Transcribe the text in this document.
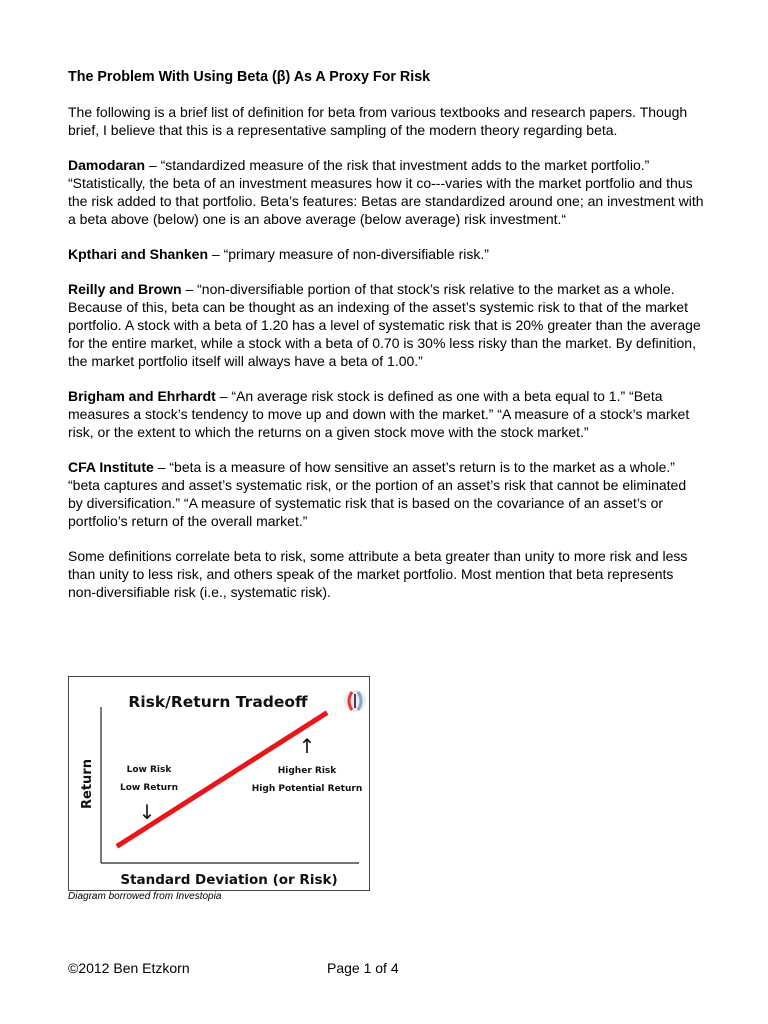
The Problem With Using Beta (β) As A Proxy For Risk

The following is a brief list of definition for beta from various textbooks and research papers. Though brief, I believe that this is a representative sampling of the modern theory regarding beta.

Damodaran – “standardized measure of the risk that investment adds to the market portfolio.” “Statistically, the beta of an investment measures how it co---varies with the market portfolio and thus the risk added to that portfolio. Beta’s features: Betas are standardized around one; an investment with a beta above (below) one is an above average (below average) risk investment.“

Kpthari and Shanken – “primary measure of non-diversifiable risk.”

Reilly and Brown – “non-diversifiable portion of that stock’s risk relative to the market as a whole. Because of this, beta can be thought as an indexing of the asset’s systemic risk to that of the market portfolio. A stock with a beta of 1.20 has a level of systematic risk that is 20% greater than the average for the entire market, while a stock with a beta of 0.70 is 30% less risky than the market. By definition, the market portfolio itself will always have a beta of 1.00.”

Brigham and Ehrhardt – “An average risk stock is defined as one with a beta equal to 1.” “Beta measures a stock’s tendency to move up and down with the market.” “A measure of a stock’s market risk, or the extent to which the returns on a given stock move with the stock market.”

CFA Institute – “beta is a measure of how sensitive an asset’s return is to the market as a whole.” “beta captures and asset’s systematic risk, or the portion of an asset’s risk that cannot be eliminated by diversification.” “A measure of systematic risk that is based on the covariance of an asset’s or portfolio’s return of the overall market.”

Some definitions correlate beta to risk, some attribute a beta greater than unity to more risk and less than unity to less risk, and others speak of the market portfolio. Most mention that beta represents non-diversifiable risk (i.e., systematic risk).

Risk/Return Tradeoff
Return
Standard Deviation (or Risk)
Low Risk
Low Return
↓
↑
Higher Risk
High Potential Return
Diagram borrowed from Investopia
©2012 Ben Etzkorn	Page 1 of 4
